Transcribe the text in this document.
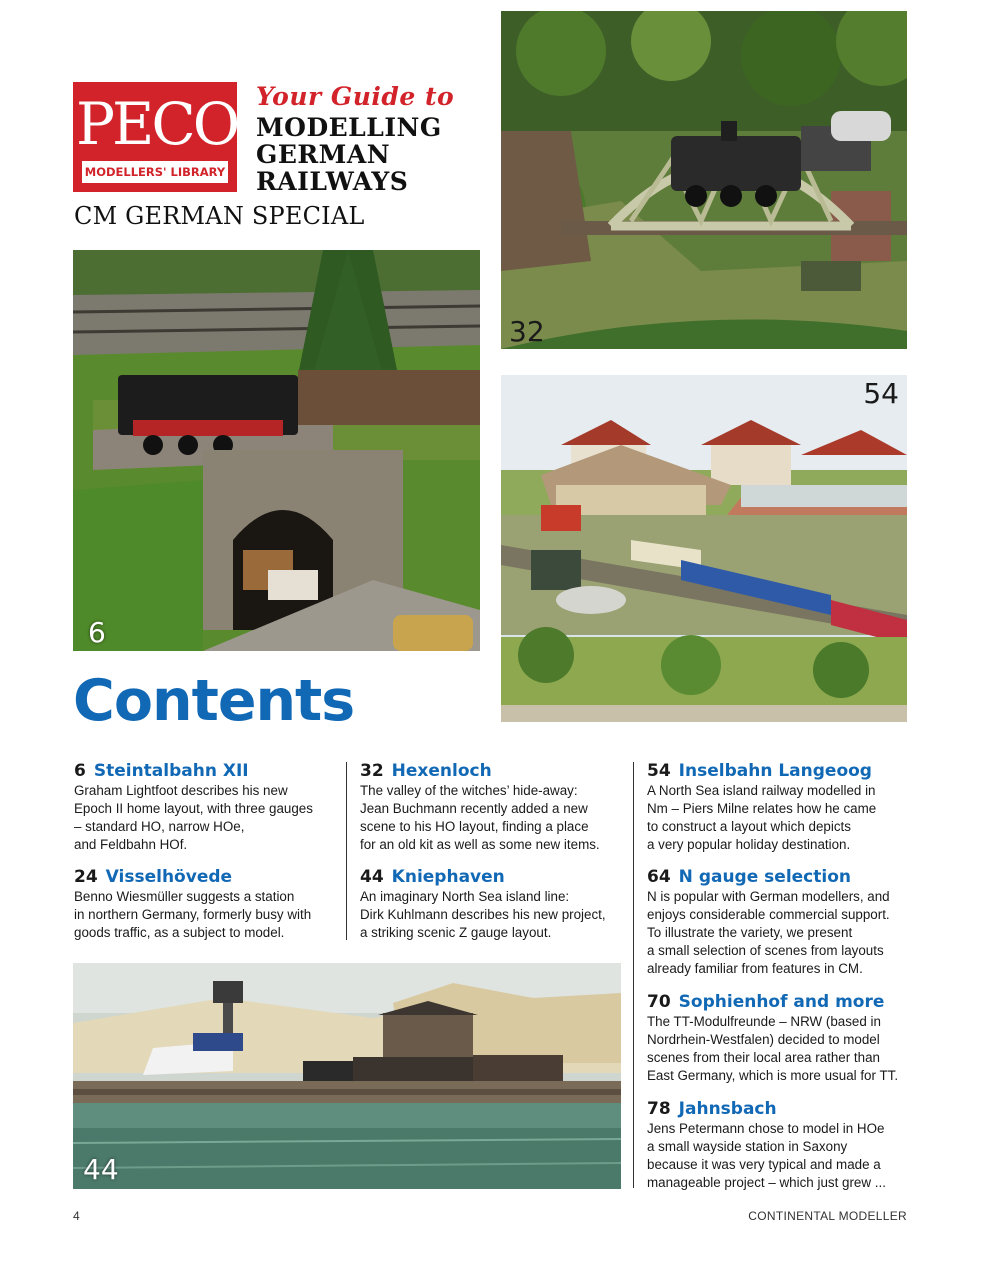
PECO
MODELLERS' LIBRARY
Your Guide to
MODELLING
GERMAN
RAILWAYS
CM GERMAN SPECIAL
32
6
54
Contents
6 Steintalbahn XII
Graham Lightfoot describes his new
Epoch II home layout, with three gauges
– standard HO, narrow HOe,
and Feldbahn HOf.
24 Visselhövede
Benno Wiesmüller suggests a station
in northern Germany, formerly busy with
goods traffic, as a subject to model.
32 Hexenloch
The valley of the witches’ hide-away:
Jean Buchmann recently added a new
scene to his HO layout, finding a place
for an old kit as well as some new items.
44 Kniephaven
An imaginary North Sea island line:
Dirk Kuhlmann describes his new project,
a striking scenic Z gauge layout.
54 Inselbahn Langeoog
A North Sea island railway modelled in
Nm – Piers Milne relates how he came
to construct a layout which depicts
a very popular holiday destination.
64 N gauge selection
N is popular with German modellers, and
enjoys considerable commercial support.
To illustrate the variety, we present
a small selection of scenes from layouts
already familiar from features in CM.
70 Sophienhof and more
The TT-Modulfreunde – NRW (based in
Nordrhein-Westfalen) decided to model
scenes from their local area rather than
East Germany, which is more usual for TT.
78 Jahnsbach
Jens Petermann chose to model in HOe
a small wayside station in Saxony
because it was very typical and made a
manageable project – which just grew ...
44
4	CONTINENTAL MODELLER
